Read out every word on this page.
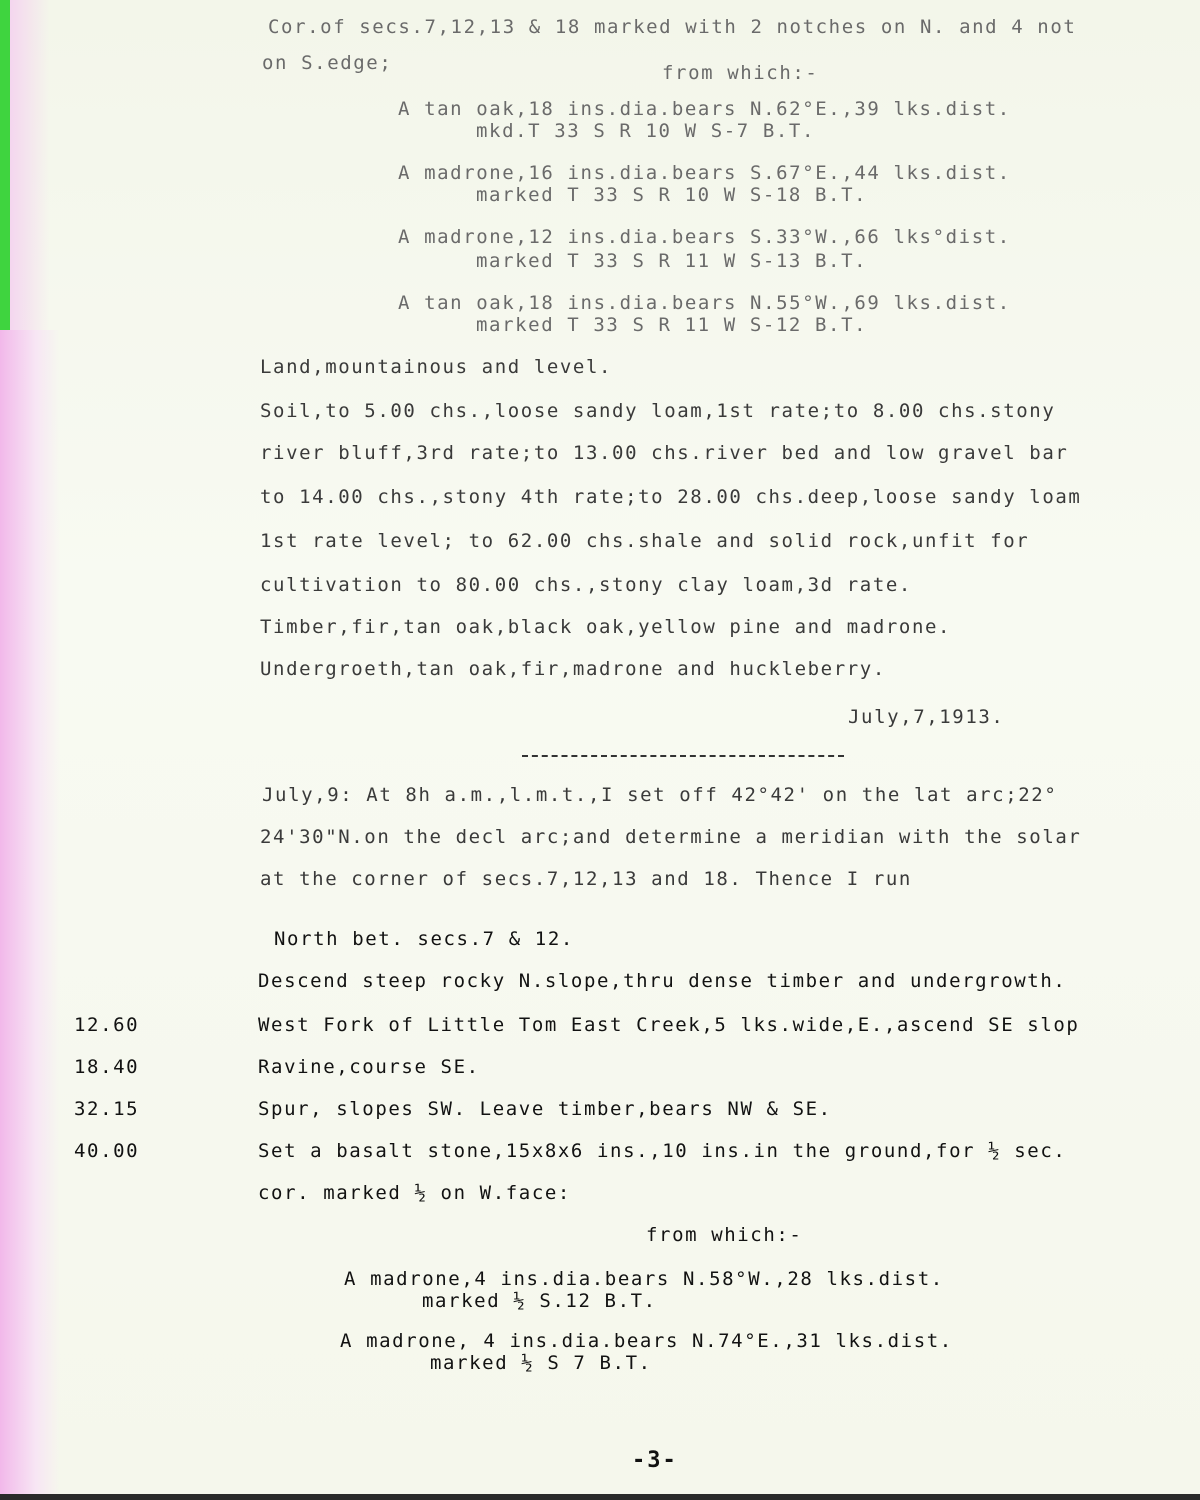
Cor.of secs.7,12,13 & 18 marked with 2 notches on N. and 4 not
on S.edge;	from which:-
A tan oak,18 ins.dia.bears N.62°E.,39 lks.dist.
mkd.T 33 S R 10 W S-7 B.T.
A madrone,16 ins.dia.bears S.67°E.,44 lks.dist.
marked T 33 S R 10 W S-18 B.T.
A madrone,12 ins.dia.bears S.33°W.,66 lks°dist.
marked T 33 S R 11 W S-13 B.T.
A tan oak,18 ins.dia.bears N.55°W.,69 lks.dist.
marked T 33 S R 11 W S-12 B.T.
Land,mountainous and level.
Soil,to 5.00 chs.,loose sandy loam,1st rate;to 8.00 chs.stony
river bluff,3rd rate;to 13.00 chs.river bed and low gravel bar
to 14.00 chs.,stony 4th rate;to 28.00 chs.deep,loose sandy loam
1st rate level; to 62.00 chs.shale and solid rock,unfit for
cultivation to 80.00 chs.,stony clay loam,3d rate.
Timber,fir,tan oak,black oak,yellow pine and madrone.
Undergroeth,tan oak,fir,madrone and huckleberry.
July,7,1913.
July,9: At 8h a.m.,l.m.t.,I set off 42°42' on the lat arc;22°
24'30"N.on the decl arc;and determine a meridian with the solar
at the corner of secs.7,12,13 and 18. Thence I run
North bet. secs.7 & 12.
Descend steep rocky N.slope,thru dense timber and undergrowth.
12.60	West Fork of Little Tom East Creek,5 lks.wide,E.,ascend SE slop
18.40	Ravine,course SE.
32.15	Spur, slopes SW. Leave timber,bears NW & SE.
40.00	Set a basalt stone,15x8x6 ins.,10 ins.in the ground,for ½ sec.
cor. marked ½ on W.face:
from which:-
A madrone,4 ins.dia.bears N.58°W.,28 lks.dist.
marked ½ S.12 B.T.
A madrone, 4 ins.dia.bears N.74°E.,31 lks.dist.
marked ½ S 7 B.T.
-3-
